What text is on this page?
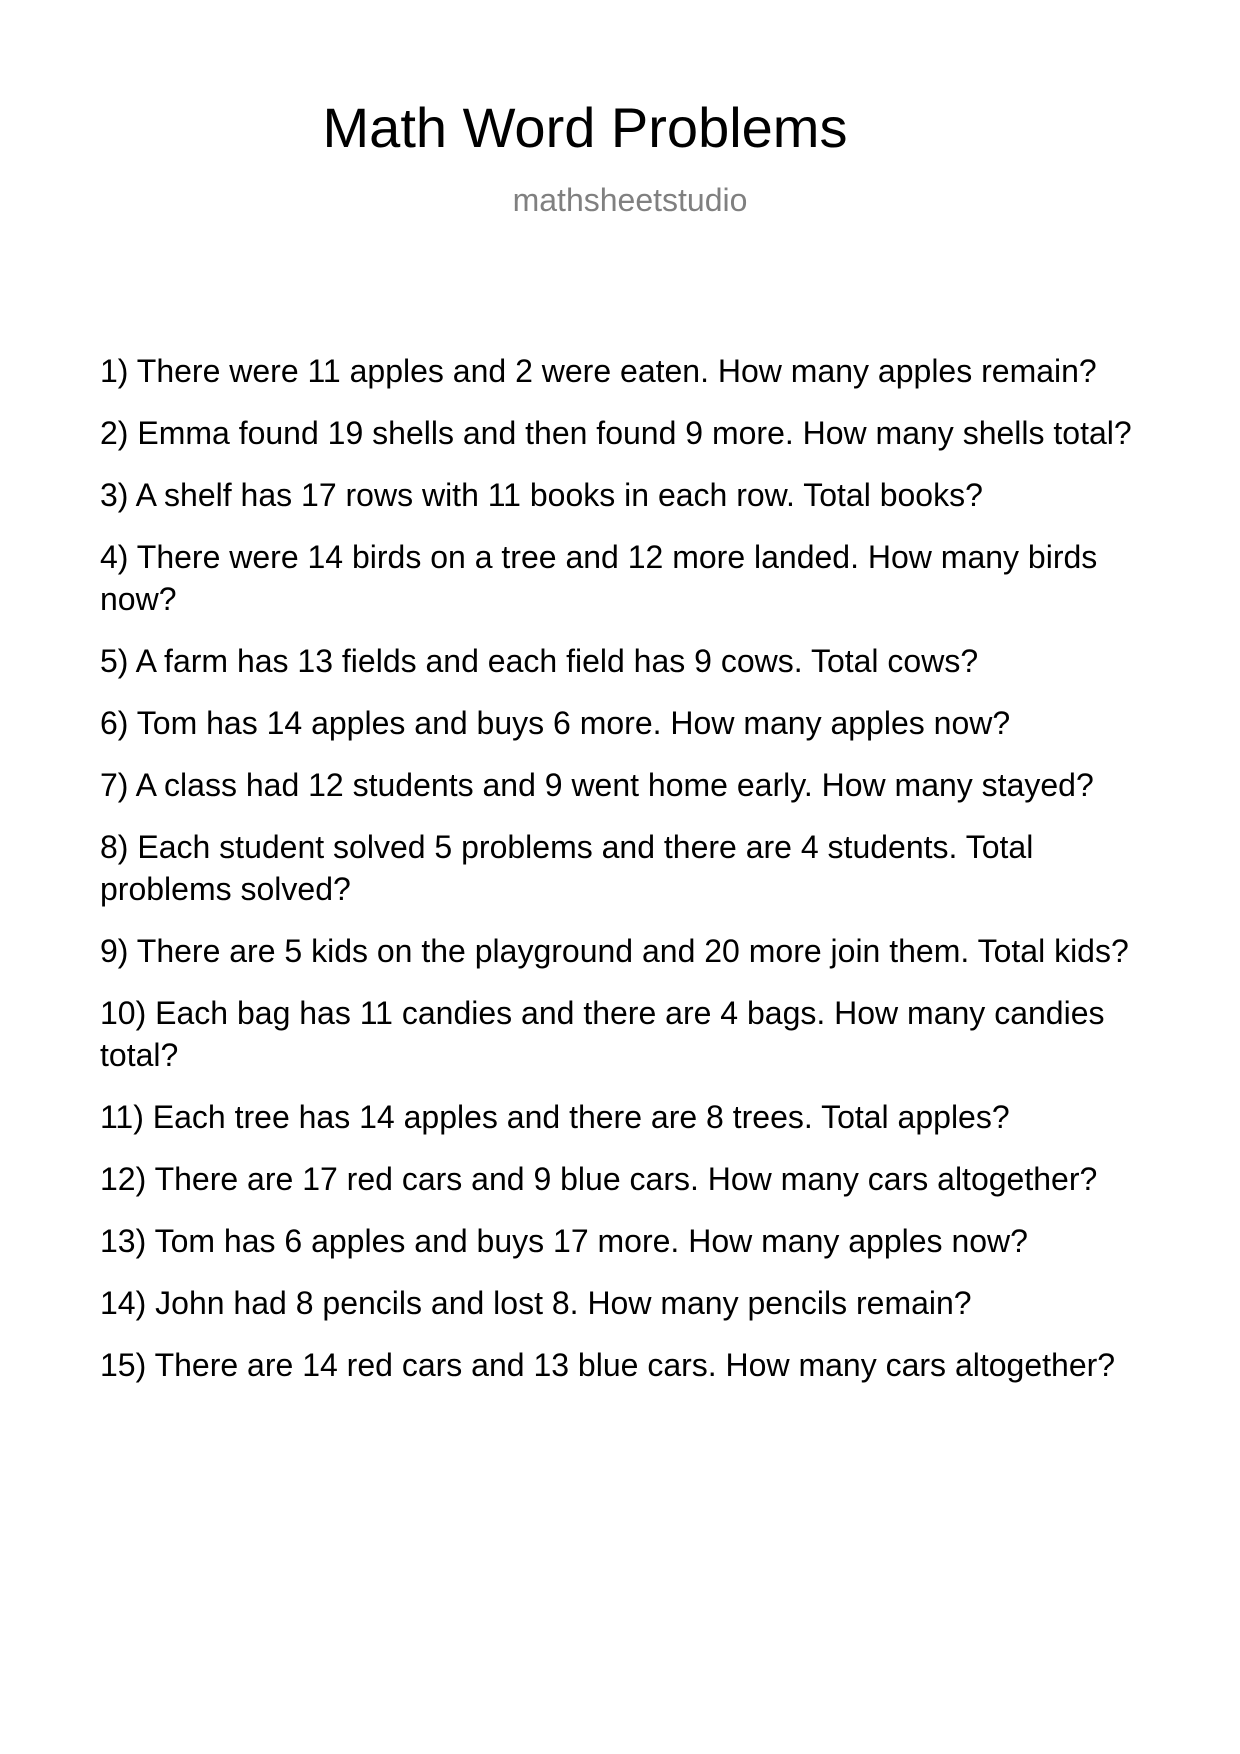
Math Word Problems
mathsheetstudio
1) There were 11 apples and 2 were eaten. How many apples remain?
2) Emma found 19 shells and then found 9 more. How many shells total?
3) A shelf has 17 rows with 11 books in each row. Total books?
4) There were 14 birds on a tree and 12 more landed. How many birds now?
5) A farm has 13 fields and each field has 9 cows. Total cows?
6) Tom has 14 apples and buys 6 more. How many apples now?
7) A class had 12 students and 9 went home early. How many stayed?
8) Each student solved 5 problems and there are 4 students. Total problems solved?
9) There are 5 kids on the playground and 20 more join them. Total kids?
10) Each bag has 11 candies and there are 4 bags. How many candies total?
11) Each tree has 14 apples and there are 8 trees. Total apples?
12) There are 17 red cars and 9 blue cars. How many cars altogether?
13) Tom has 6 apples and buys 17 more. How many apples now?
14) John had 8 pencils and lost 8. How many pencils remain?
15) There are 14 red cars and 13 blue cars. How many cars altogether?
